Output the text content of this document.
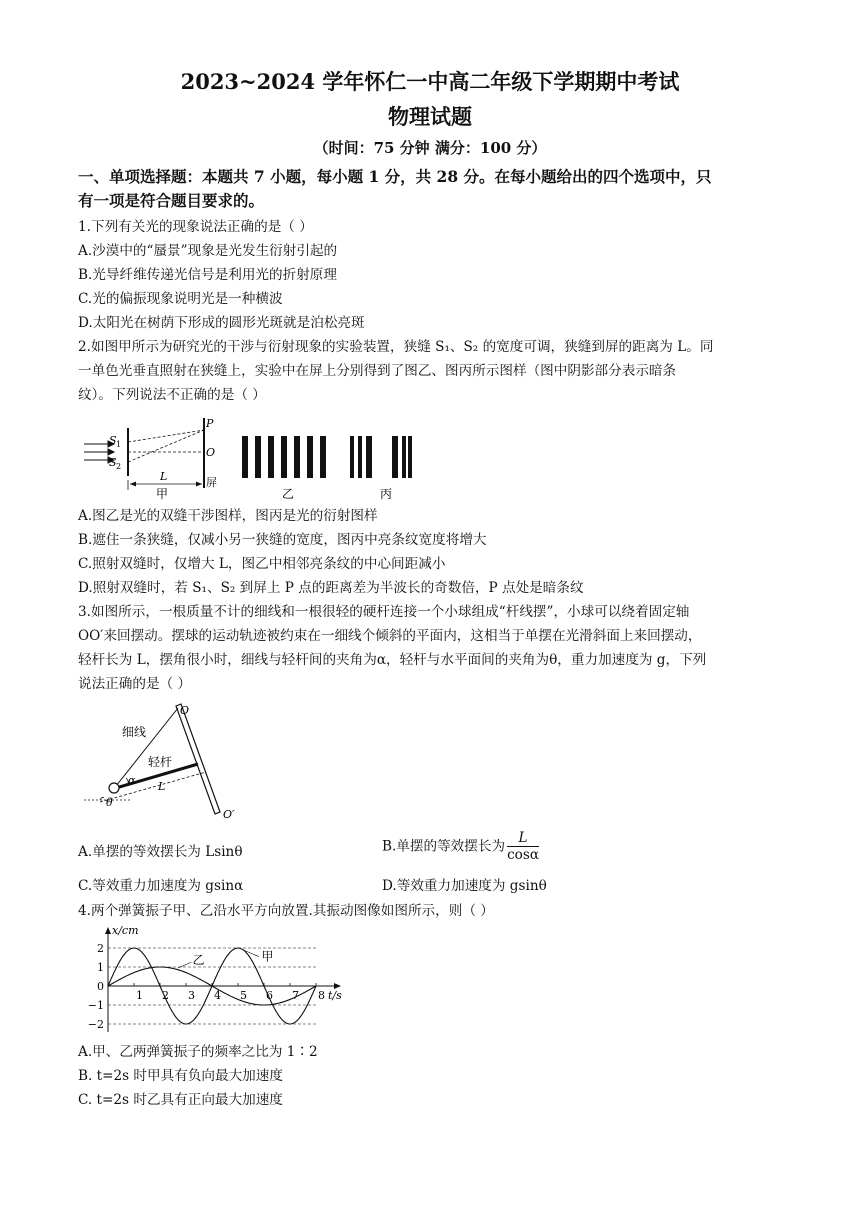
2023~2024 学年怀仁一中高二年级下学期期中考试
物理试题
（时间：75 分钟 满分：100 分）
一、单项选择题：本题共 7 小题，每小题 1 分，共 28 分。在每小题给出的四个选项中，只
有一项是符合题目要求的。
1.下列有关光的现象说法正确的是（ ）
A.沙漠中的“蜃景”现象是光发生衍射引起的
B.光导纤维传递光信号是利用光的折射原理
C.光的偏振现象说明光是一种横波
D.太阳光在树荫下形成的圆形光斑就是泊松亮斑
2.如图甲所示为研究光的干涉与衍射现象的实验装置，狭缝 S₁、S₂ 的宽度可调，狭缝到屏的距离为 L。同
一单色光垂直照射在狭缝上，实验中在屏上分别得到了图乙、图丙所示图样（图中阴影部分表示暗条
纹）。下列说法不正确的是（ ）
S 1
S 2
P
O
L	屏
甲	乙	丙
A.图乙是光的双缝干涉图样，图丙是光的衍射图样
B.遮住一条狭缝，仅减小另一狭缝的宽度，图丙中亮条纹宽度将增大
C.照射双缝时，仅增大 L，图乙中相邻亮条纹的中心间距减小
D.照射双缝时，若 S₁、S₂ 到屏上 P 点的距离差为半波长的奇数倍，P 点处是暗条纹
3.如图所示，一根质量不计的细线和一根很轻的硬杆连接一个小球组成“杆线摆”，小球可以绕着固定轴
OO′来回摆动。摆球的运动轨迹被约束在一细线个倾斜的平面内，这相当于单摆在光滑斜面上来回摆动，
轻杆长为 L，摆角很小时，细线与轻杆间的夹角为α，轻杆与水平面间的夹角为θ，重力加速度为 g，下列
说法正确的是（ ）
O
O′
细线
轻杆
α L
θ
A.单摆的等效摆长为 Lsinθ	B.单摆的等效摆长为 $\frac{L}{\cos\alpha}$
C.等效重力加速度为 gsinα	D.等效重力加速度为 gsinθ
4.两个弹簧振子甲、乙沿水平方向放置.其振动图像如图所示，则（ ）
2
1
0
−1
−2
1 2 3 4 5 6 7 8
x/cm
t/s
甲
乙
A.甲、乙两弹簧振子的频率之比为 1∶2
B. t=2s 时甲具有负向最大加速度
C. t=2s 时乙具有正向最大加速度
